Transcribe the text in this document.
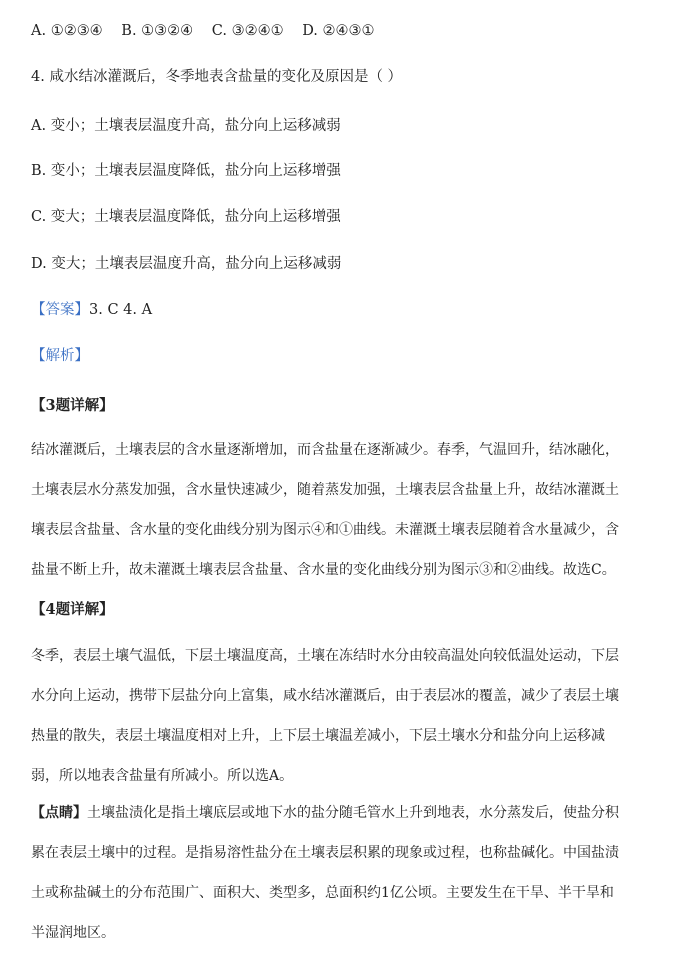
A. ①②③④ B. ①③②④ C. ③②④① D. ②④③①
4. 咸水结冰灌溉后，冬季地表含盐量的变化及原因是（ ）
A. 变小；土壤表层温度升高，盐分向上运移减弱
B. 变小；土壤表层温度降低，盐分向上运移增强
C. 变大；土壤表层温度降低，盐分向上运移增强
D. 变大；土壤表层温度升高，盐分向上运移减弱
【答案】3. C 4. A
【解析】
【3题详解】
结冰灌溉后，土壤表层的含水量逐渐增加，而含盐量在逐渐减少。春季，气温回升，结冰融化，
土壤表层水分蒸发加强，含水量快速减少，随着蒸发加强，土壤表层含盐量上升，故结冰灌溉土
壤表层含盐量、含水量的变化曲线分别为图示④和①曲线。未灌溉土壤表层随着含水量减少，含
盐量不断上升，故未灌溉土壤表层含盐量、含水量的变化曲线分别为图示③和②曲线。故选C。
【4题详解】
冬季，表层土壤气温低，下层土壤温度高，土壤在冻结时水分由较高温处向较低温处运动，下层
水分向上运动，携带下层盐分向上富集，咸水结冰灌溉后，由于表层冰的覆盖，减少了表层土壤
热量的散失，表层土壤温度相对上升，上下层土壤温差减小，下层土壤水分和盐分向上运移减
弱，所以地表含盐量有所减小。所以选A。
【点睛】土壤盐渍化是指土壤底层或地下水的盐分随毛管水上升到地表，水分蒸发后，使盐分积
累在表层土壤中的过程。是指易溶性盐分在土壤表层积累的现象或过程，也称盐碱化。中国盐渍
土或称盐碱土的分布范围广、面积大、类型多，总面积约1亿公顷。主要发生在干旱、半干旱和
半湿润地区。
